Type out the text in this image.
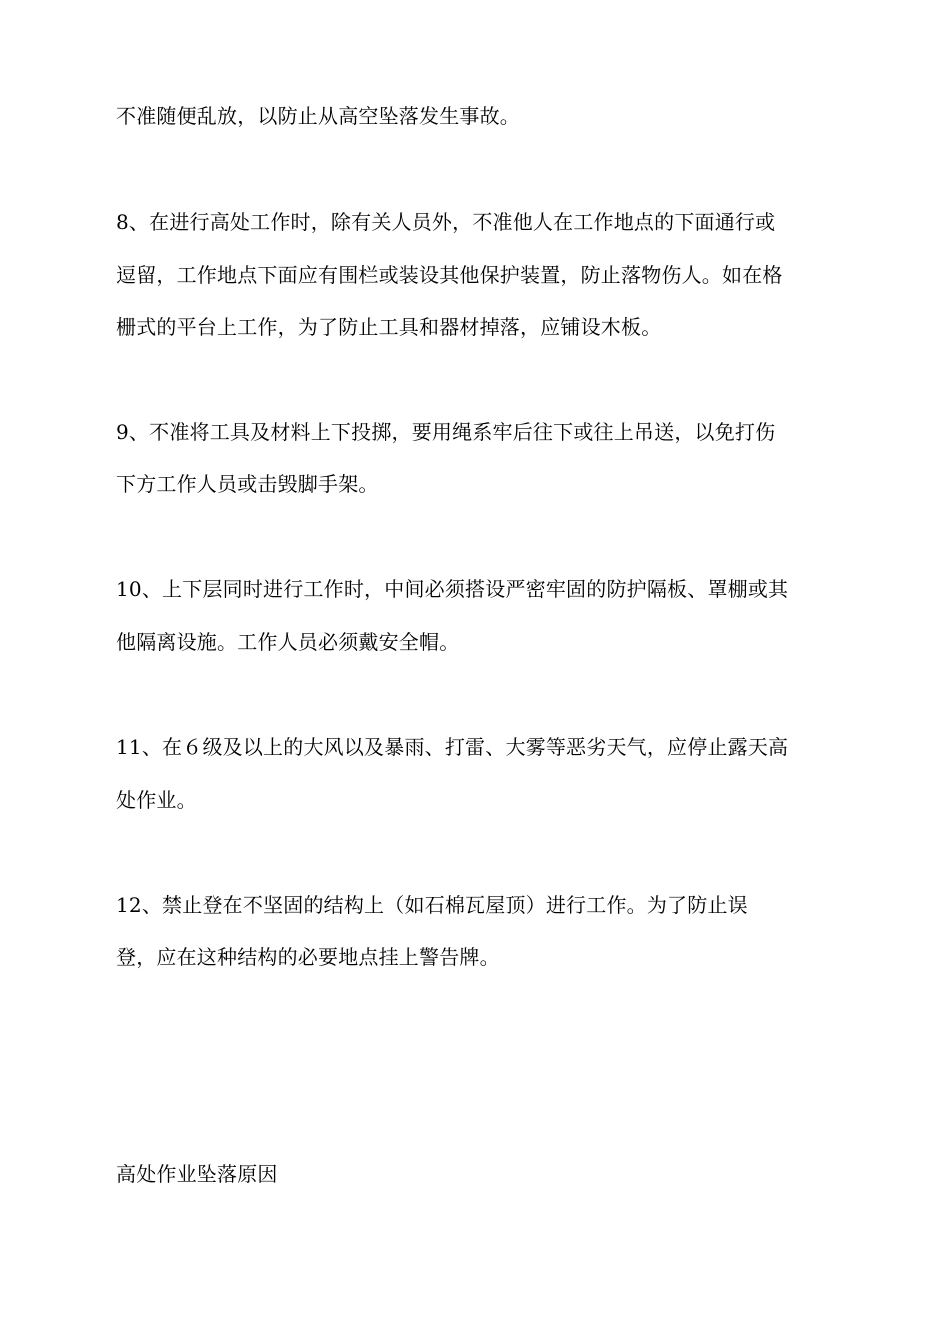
不准随便乱放，以防止从高空坠落发生事故。
8、在进行高处工作时，除有关人员外，不准他人在工作地点的下面通行或
逗留，工作地点下面应有围栏或装设其他保护装置，防止落物伤人。如在格
栅式的平台上工作，为了防止工具和器材掉落，应铺设木板。
9、不准将工具及材料上下投掷，要用绳系牢后往下或往上吊送，以免打伤
下方工作人员或击毁脚手架。
10、上下层同时进行工作时，中间必须搭设严密牢固的防护隔板、罩棚或其
他隔离设施。工作人员必须戴安全帽。
11、在６级及以上的大风以及暴雨、打雷、大雾等恶劣天气，应停止露天高
处作业。
12、禁止登在不坚固的结构上（如石棉瓦屋顶）进行工作。为了防止误
登，应在这种结构的必要地点挂上警告牌。
高处作业坠落原因
